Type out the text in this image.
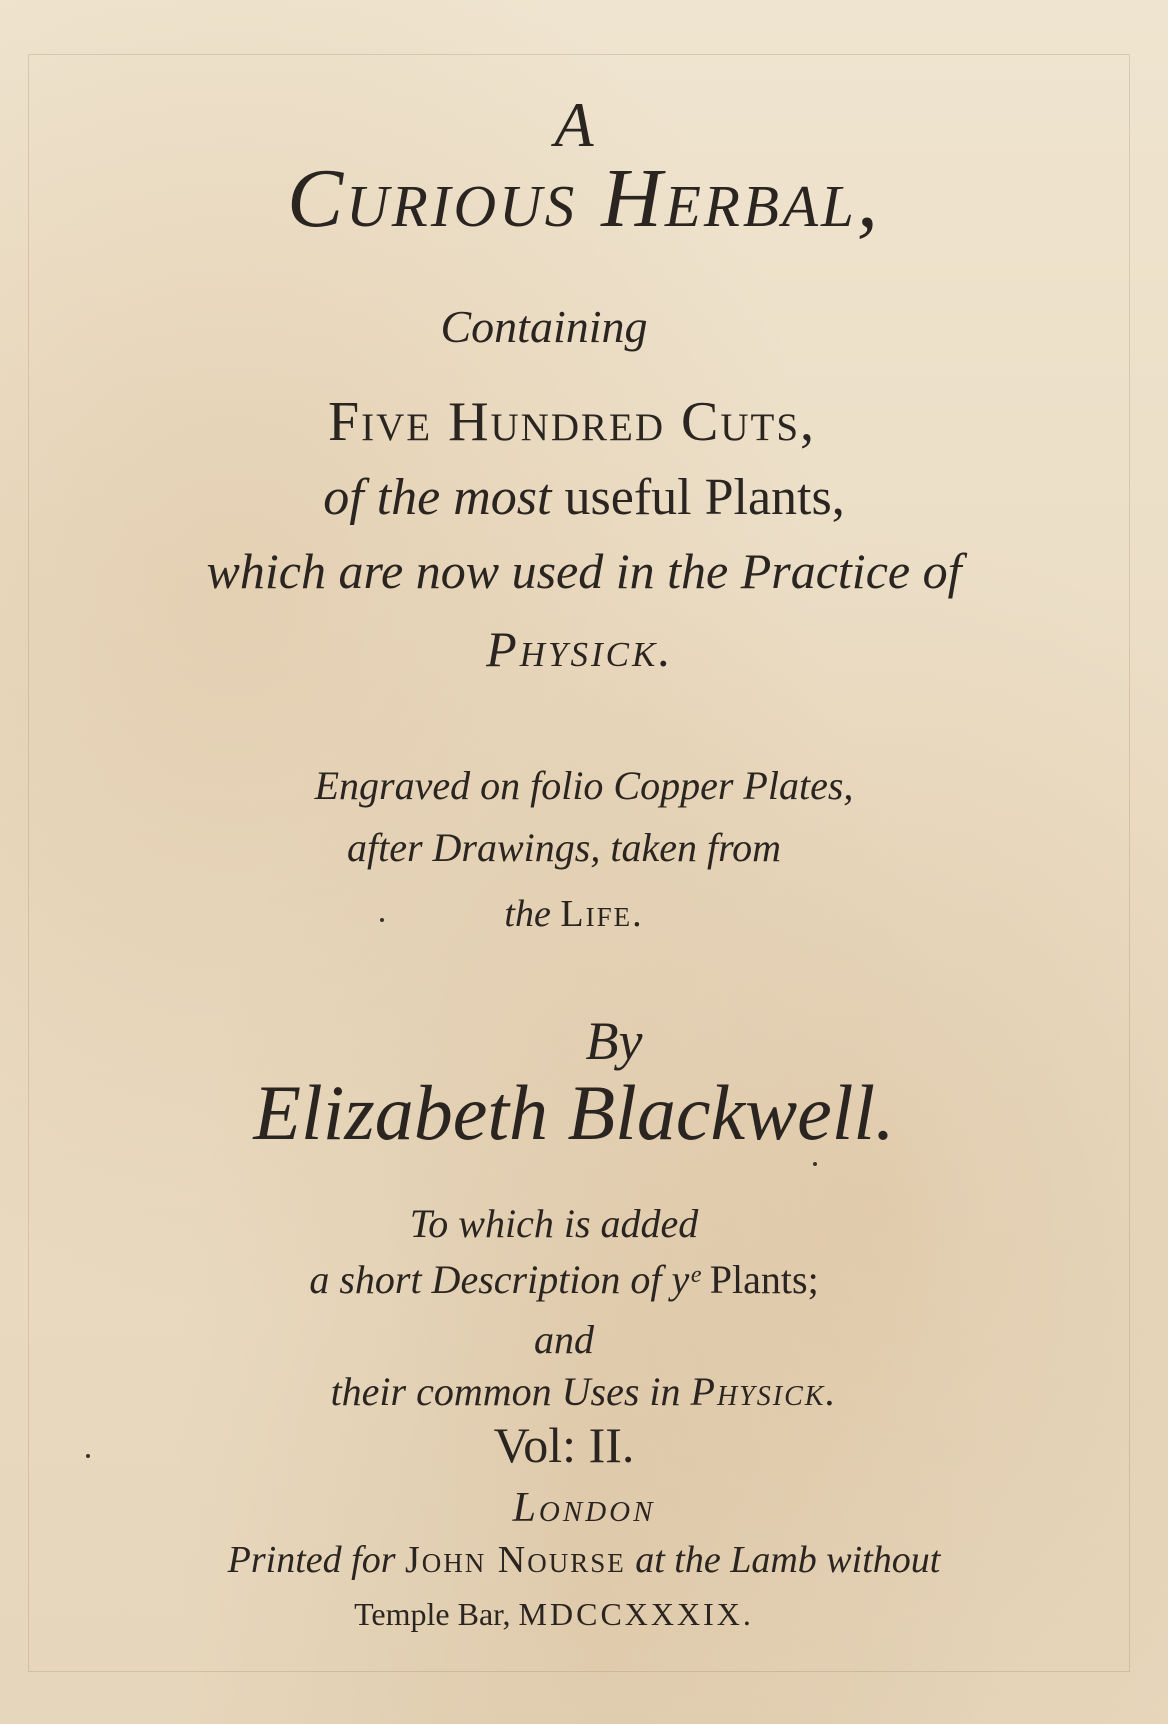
A
Curious Herbal,
Containing
Five Hundred Cuts,
of the most useful Plants,
which are now used in the Practice of
Physick.
Engraved on folio Copper Plates,
after Drawings, taken from
the Life.
By
Elizabeth Blackwell.
To which is added
a short Description of yᵉ Plants;
and
their common Uses in Physick.
Vol: II.
London
Printed for John Nourse at the Lamb without
Temple Bar, MDCCXXXIX.
